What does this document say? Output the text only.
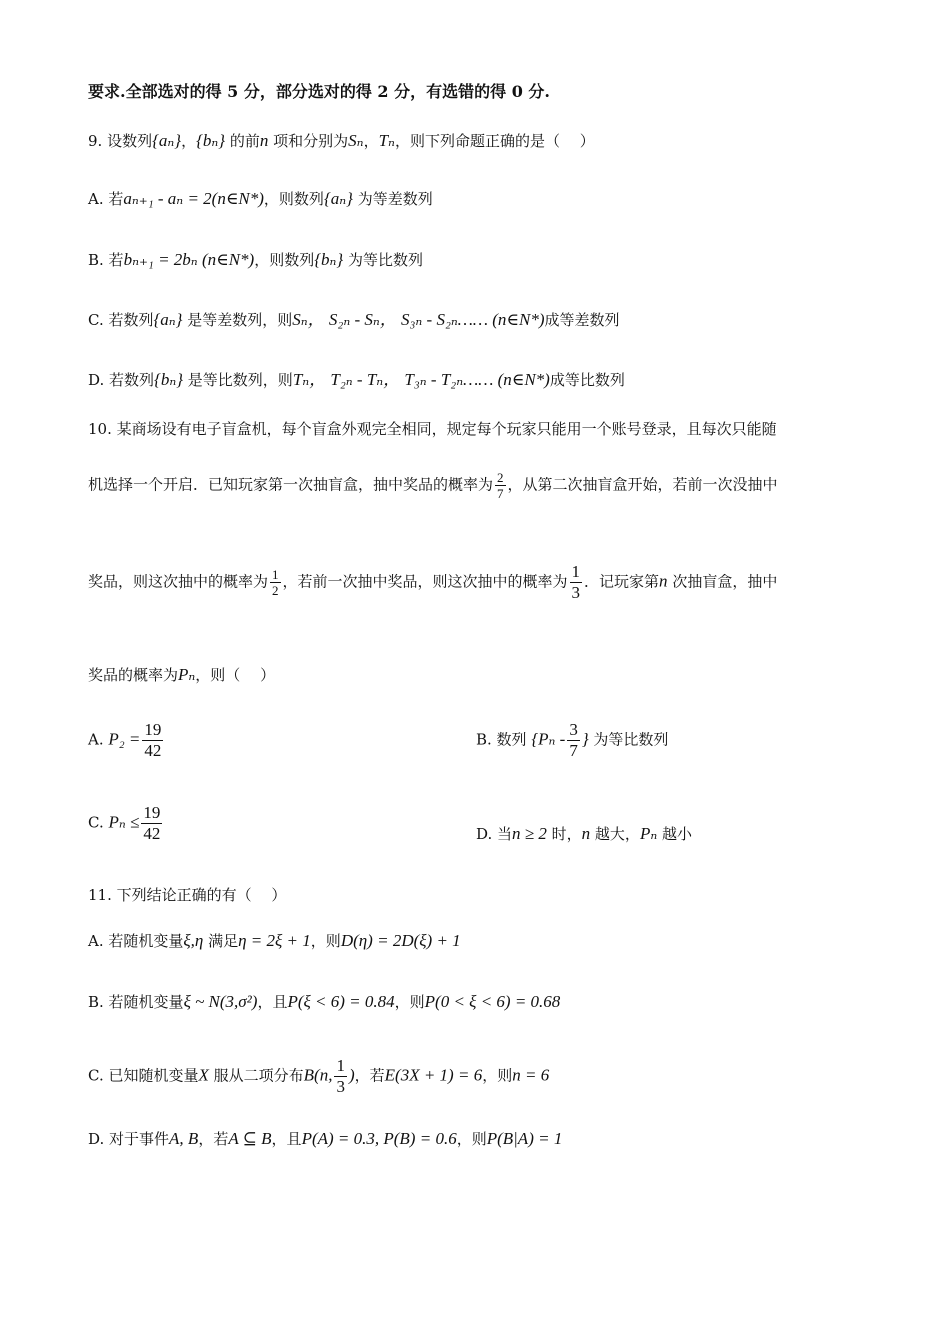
要求.全部选对的得 5 分，部分选对的得 2 分，有选错的得 0 分.
9. 设数列{aₙ}，{bₙ} 的前n 项和分别为Sₙ，Tₙ，则下列命题正确的是（　 ）
A. 若aₙ₊₁ - aₙ = 2(n∈N*)，则数列{aₙ} 为等差数列
B. 若bₙ₊₁ = 2bₙ (n∈N*)，则数列{bₙ} 为等比数列
C. 若数列{aₙ} 是等差数列，则Sₙ， S₂ₙ - Sₙ， S₃ₙ - S₂ₙ…… (n∈N*)成等差数列
D. 若数列{bₙ} 是等比数列，则Tₙ， T₂ₙ - Tₙ， T₃ₙ - T₂ₙ…… (n∈N*)成等比数列
10. 某商场设有电子盲盒机，每个盲盒外观完全相同，规定每个玩家只能用一个账号登录，且每次只能随
机选择一个开启．已知玩家第一次抽盲盒，抽中奖品的概率为 $\frac{2}{7}$ ，从第二次抽盲盒开始，若前一次没抽中
奖品，则这次抽中的概率为 $\frac{1}{2}$ ，若前一次抽中奖品，则这次抽中的概率为 $\frac{1}{3}$ ．记玩家第n 次抽盲盒，抽中
奖品的概率为Pₙ，则（　 ）
A. $P_2 = \frac{19}{42}$	B. 数列 {$P_n - \frac{3}{7}$ } 为等比数列
C. $P_n \le \frac{19}{42}$	D. 当n ≥ 2 时，n 越大，Pₙ 越小
11. 下列结论正确的有（　 ）
A. 若随机变量ξ,η 满足η = 2ξ + 1，则D(η) = 2D(ξ) + 1
B. 若随机变量ξ ~ N(3,σ²)，且P(ξ < 6) = 0.84，则P(0 < ξ < 6) = 0.68
C. 已知随机变量X 服从二项分布B(n, $\frac{1}{3}$ )，若E(3X + 1) = 6，则n = 6
D. 对于事件A, B，若A ⊆ B，且P(A) = 0.3, P(B) = 0.6，则P(B|A) = 1
